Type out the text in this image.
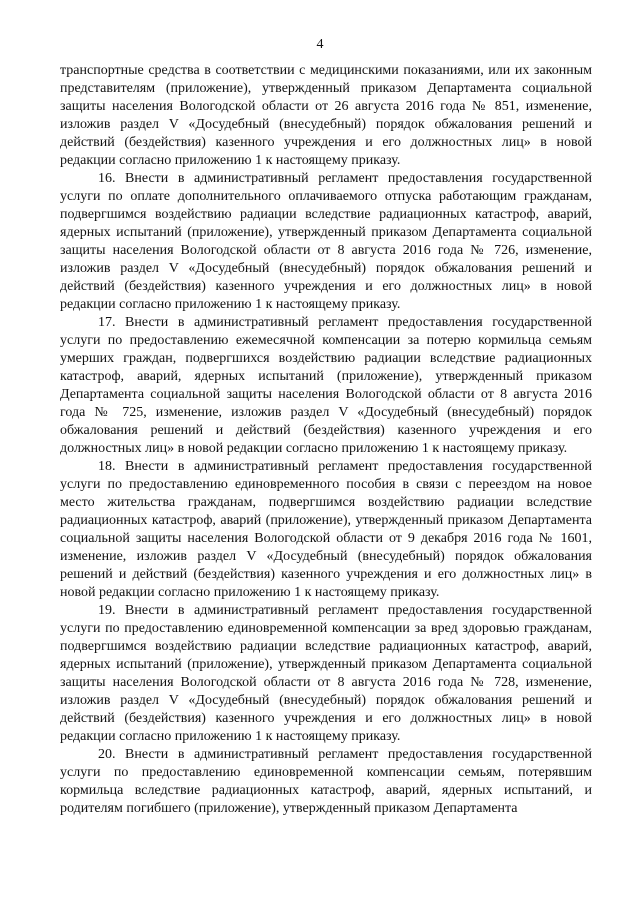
4

транспортные средства в соответствии с медицинскими показаниями, или их законным представителям (приложение), утвержденный приказом Департамента социальной защиты населения Вологодской области от 26 августа 2016 года № 851, изменение, изложив раздел V «Досудебный (внесудебный) порядок обжалования решений и действий (бездействия) казенного учреждения и его должностных лиц» в новой редакции согласно приложению 1 к настоящему приказу.

16. Внести в административный регламент предоставления государственной услуги по оплате дополнительного оплачиваемого отпуска работающим гражданам, подвергшимся воздействию радиации вследствие радиационных катастроф, аварий, ядерных испытаний (приложение), утвержденный приказом Департамента социальной защиты населения Вологодской области от 8 августа 2016 года № 726, изменение, изложив раздел V «Досудебный (внесудебный) порядок обжалования решений и действий (бездействия) казенного учреждения и его должностных лиц» в новой редакции согласно приложению 1 к настоящему приказу.

17. Внести в административный регламент предоставления государственной услуги по предоставлению ежемесячной компенсации за потерю кормильца семьям умерших граждан, подвергшихся воздействию радиации вследствие радиационных катастроф, аварий, ядерных испытаний (приложение), утвержденный приказом Департамента социальной защиты населения Вологодской области от 8 августа 2016 года № 725, изменение, изложив раздел V «Досудебный (внесудебный) порядок обжалования решений и действий (бездействия) казенного учреждения и его должностных лиц» в новой редакции согласно приложению 1 к настоящему приказу.

18. Внести в административный регламент предоставления государственной услуги по предоставлению единовременного пособия в связи с переездом на новое место жительства гражданам, подвергшимся воздействию радиации вследствие радиационных катастроф, аварий (приложение), утвержденный приказом Департамента социальной защиты населения Вологодской области от 9 декабря 2016 года № 1601, изменение, изложив раздел V «Досудебный (внесудебный) порядок обжалования решений и действий (бездействия) казенного учреждения и его должностных лиц» в новой редакции согласно приложению 1 к настоящему приказу.

19. Внести в административный регламент предоставления государственной услуги по предоставлению единовременной компенсации за вред здоровью гражданам, подвергшимся воздействию радиации вследствие радиационных катастроф, аварий, ядерных испытаний (приложение), утвержденный приказом Департамента социальной защиты населения Вологодской области от 8 августа 2016 года № 728, изменение, изложив раздел V «Досудебный (внесудебный) порядок обжалования решений и действий (бездействия) казенного учреждения и его должностных лиц» в новой редакции согласно приложению 1 к настоящему приказу.

20. Внести в административный регламент предоставления государственной услуги по предоставлению единовременной компенсации семьям, потерявшим кормильца вследствие радиационных катастроф, аварий, ядерных испытаний, и родителям погибшего (приложение), утвержденный приказом Департамента
